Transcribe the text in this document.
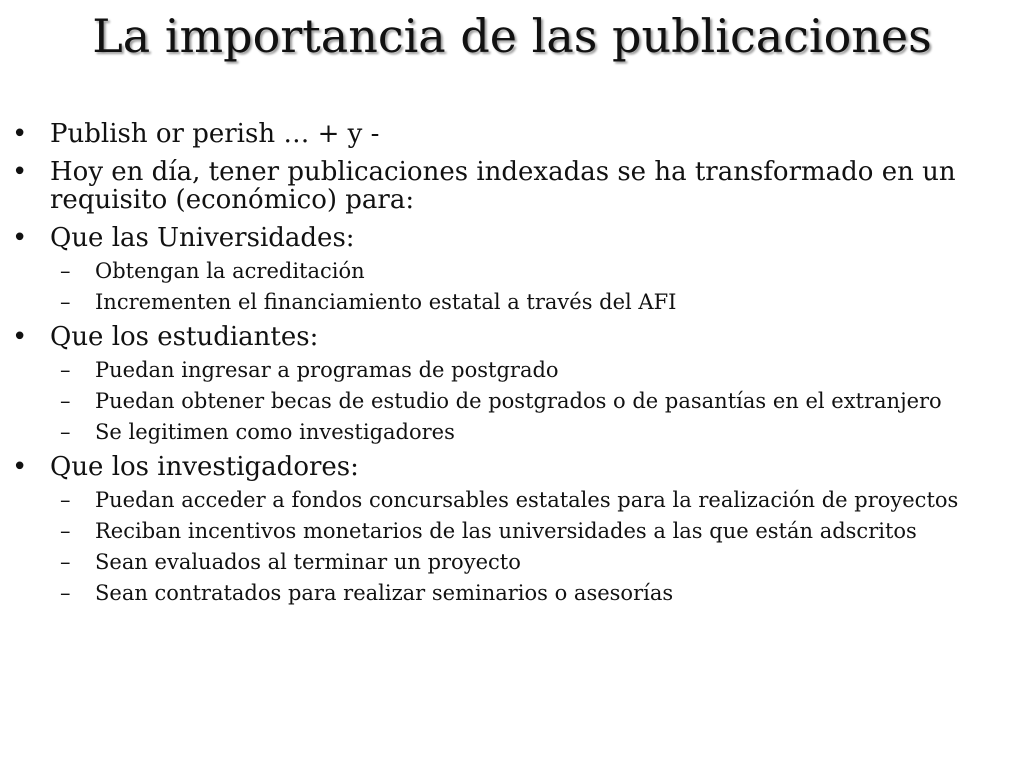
La importancia de las publicaciones
• Publish or perish … + y -
• Hoy en día, tener publicaciones indexadas se ha transformado en un requisito (económico) para:
• Que las Universidades:
–	Obtengan la acreditación
–	Incrementen el financiamiento estatal a través del AFI
• Que los estudiantes:
–	Puedan ingresar a programas de postgrado
–	Puedan obtener becas de estudio de postgrados o de pasantías en el extranjero
–	Se legitimen como investigadores
• Que los investigadores:
–	Puedan acceder a fondos concursables estatales para la realización de proyectos
–	Reciban incentivos monetarios de las universidades a las que están adscritos
–	Sean evaluados al terminar un proyecto
–	Sean contratados para realizar seminarios o asesorías
